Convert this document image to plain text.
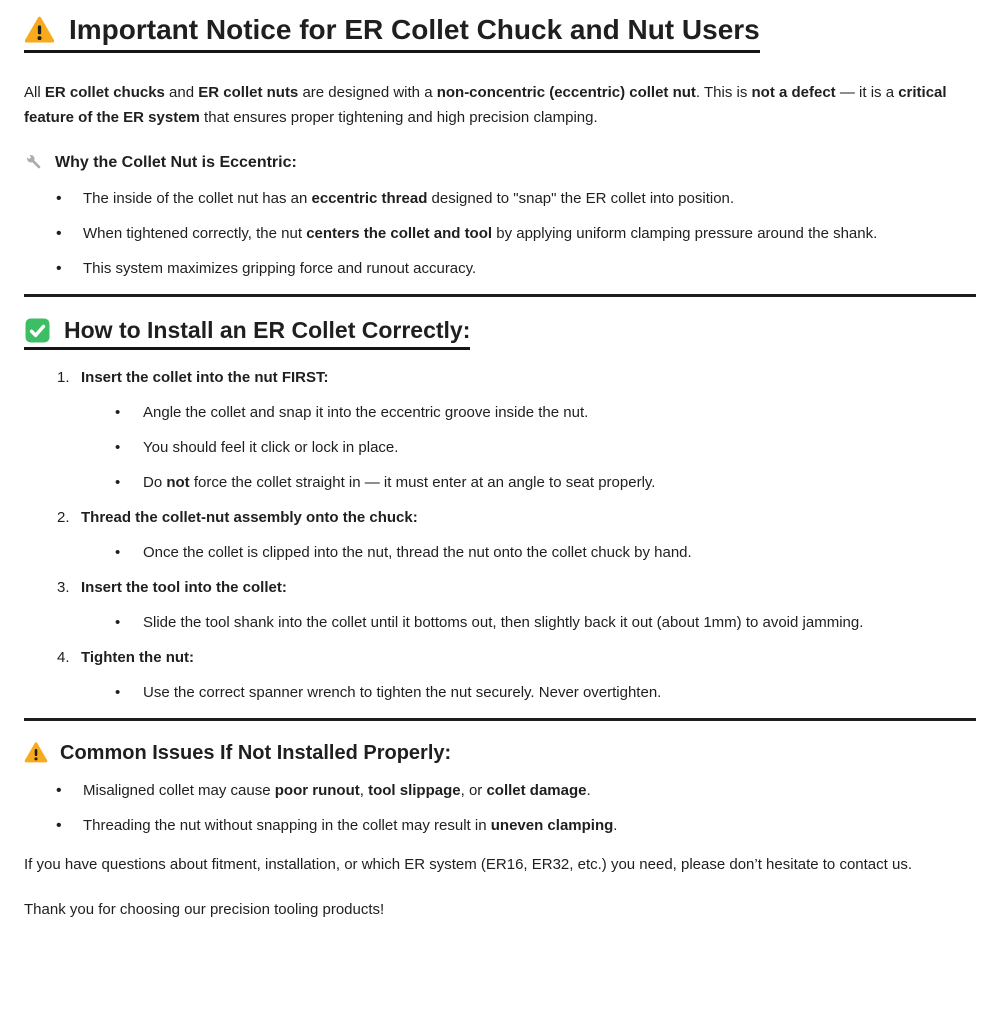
Important Notice for ER Collet Chuck and Nut Users

All ER collet chucks and ER collet nuts are designed with a non-concentric (eccentric) collet nut. This is not a defect — it is a critical feature of the ER system that ensures proper tightening and high precision clamping.

Why the Collet Nut is Eccentric:
• The inside of the collet nut has an eccentric thread designed to "snap" the ER collet into position.
• When tightened correctly, the nut centers the collet and tool by applying uniform clamping pressure around the shank.
• This system maximizes gripping force and runout accuracy.
How to Install an ER Collet Correctly:
Insert the collet into the nut FIRST:
• Angle the collet and snap it into the eccentric groove inside the nut.
• You should feel it click or lock in place.
• Do not force the collet straight in — it must enter at an angle to seat properly.
Thread the collet-nut assembly onto the chuck:
• Once the collet is clipped into the nut, thread the nut onto the collet chuck by hand.
Insert the tool into the collet:
• Slide the tool shank into the collet until it bottoms out, then slightly back it out (about 1mm) to avoid jamming.
Tighten the nut:
• Use the correct spanner wrench to tighten the nut securely. Never overtighten.
Common Issues If Not Installed Properly:
• Misaligned collet may cause poor runout, tool slippage, or collet damage.
• Threading the nut without snapping in the collet may result in uneven clamping.

If you have questions about fitment, installation, or which ER system (ER16, ER32, etc.) you need, please don’t hesitate to contact us.

Thank you for choosing our precision tooling products!
